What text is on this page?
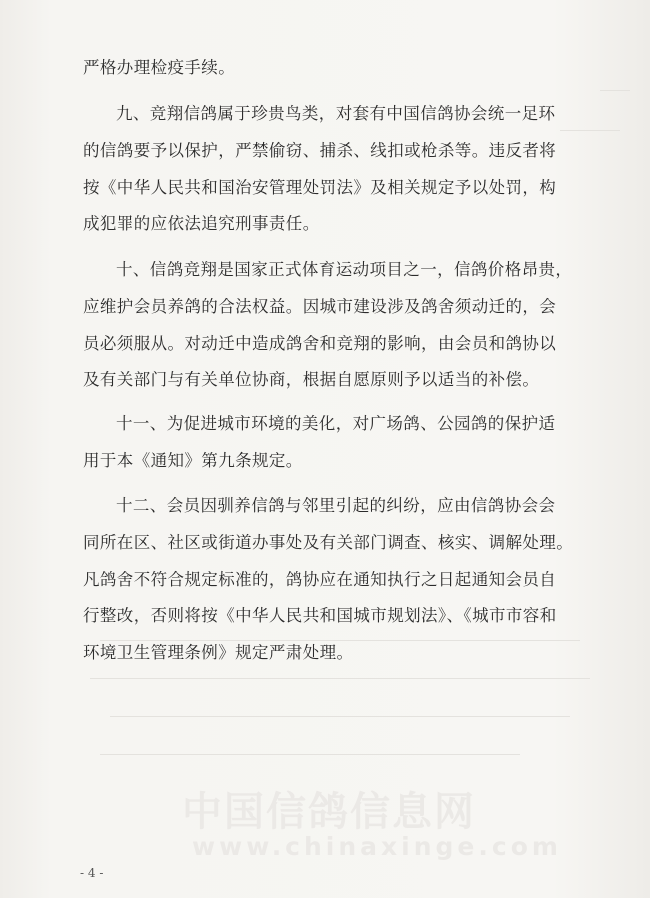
严格办理检疫手续。
九、竞翔信鸽属于珍贵鸟类，对套有中国信鸽协会统一足环
的信鸽要予以保护，严禁偷窃、捕杀、线扣或枪杀等。违反者将
按《中华人民共和国治安管理处罚法》及相关规定予以处罚，构
成犯罪的应依法追究刑事责任。
十、信鸽竞翔是国家正式体育运动项目之一，信鸽价格昂贵，
应维护会员养鸽的合法权益。因城市建设涉及鸽舍须动迁的，会
员必须服从。对动迁中造成鸽舍和竞翔的影响，由会员和鸽协以
及有关部门与有关单位协商，根据自愿原则予以适当的补偿。
十一、为促进城市环境的美化，对广场鸽、公园鸽的保护适
用于本《通知》第九条规定。
十二、会员因驯养信鸽与邻里引起的纠纷，应由信鸽协会会
同所在区、社区或街道办事处及有关部门调查、核实、调解处理。
凡鸽舍不符合规定标准的，鸽协应在通知执行之日起通知会员自
行整改，否则将按《中华人民共和国城市规划法》、《城市市容和
环境卫生管理条例》规定严肃处理。
中国信鸽信息网
www.chinaxinge.com
- 4 -
